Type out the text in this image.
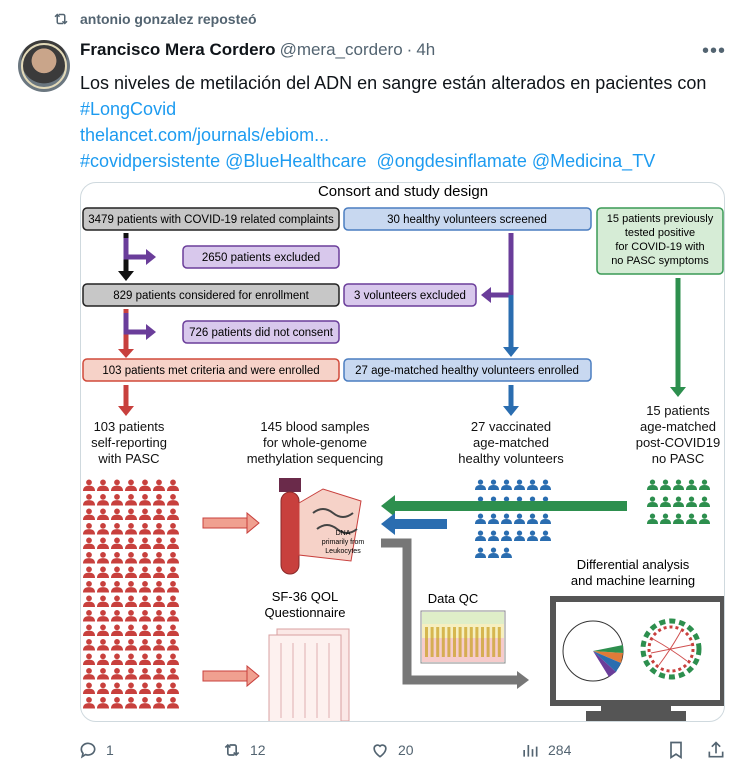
antonio gonzalez reposteó
Francisco Mera Cordero @mera_cordero · 4h	•••
Los niveles de metilación del ADN en sangre están alterados en pacientes con
#LongCovid
thelancet.com/journals/ebiom...
#covidpersistente @BlueHealthcare @ongdesinflamate @Medicina_TV
Consort and study design
3479 patients with COVID-19 related complaints	30 healthy volunteers screened	15 patients previously
tested positive
for COVID-19 with
no PASC symptoms
2650 patients excluded
829 patients considered for enrollment	3 volunteers excluded
726 patients did not consent
103 patients met criteria and were enrolled	27 age-matched healthy volunteers enrolled
103 patients
self-reporting
with PASC
145 blood samples
for whole-genome
methylation sequencing
27 vaccinated
age-matched
healthy volunteers
15 patients
age-matched
post-COVID19
no PASC
DNA
primarily from
Leukocytes
SF-36 QOL
Questionnaire
Data QC
Differential analysis
and machine learning
1	12	20	284
